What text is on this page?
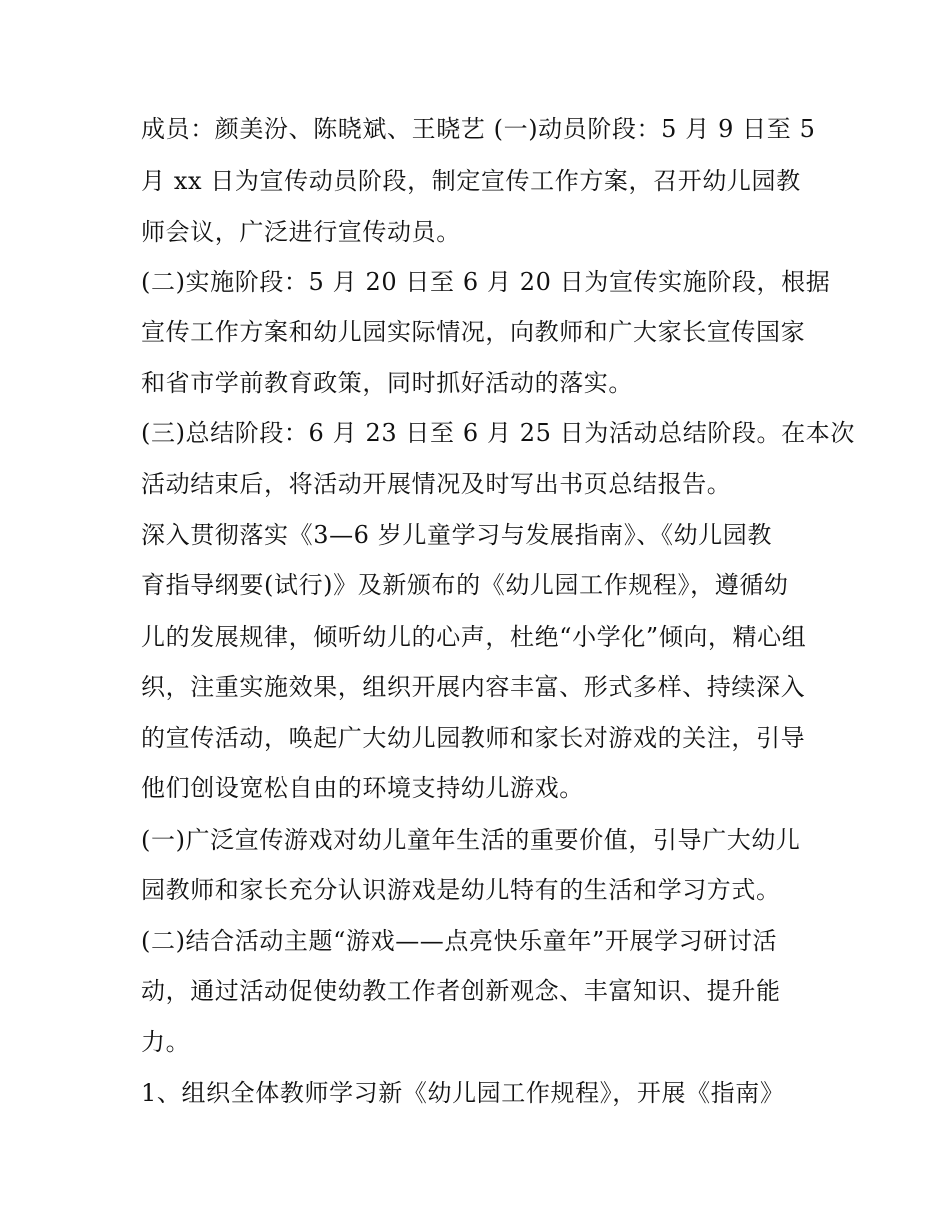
成员：颜美汾、陈晓斌、王晓艺 (一)动员阶段：5 月 9 日至 5
月 xx 日为宣传动员阶段，制定宣传工作方案，召开幼儿园教
师会议，广泛进行宣传动员。
(二)实施阶段：5 月 20 日至 6 月 20 日为宣传实施阶段，根据
宣传工作方案和幼儿园实际情况，向教师和广大家长宣传国家
和省市学前教育政策，同时抓好活动的落实。
(三)总结阶段：6 月 23 日至 6 月 25 日为活动总结阶段。在本次
活动结束后，将活动开展情况及时写出书页总结报告。
深入贯彻落实《3—6 岁儿童学习与发展指南》、《幼儿园教
育指导纲要(试行)》及新颁布的《幼儿园工作规程》，遵循幼
儿的发展规律，倾听幼儿的心声，杜绝“小学化”倾向，精心组
织，注重实施效果，组织开展内容丰富、形式多样、持续深入
的宣传活动，唤起广大幼儿园教师和家长对游戏的关注，引导
他们创设宽松自由的环境支持幼儿游戏。
(一)广泛宣传游戏对幼儿童年生活的重要价值，引导广大幼儿
园教师和家长充分认识游戏是幼儿特有的生活和学习方式。
(二)结合活动主题“游戏——点亮快乐童年”开展学习研讨活
动，通过活动促使幼教工作者创新观念、丰富知识、提升能
力。
1、组织全体教师学习新《幼儿园工作规程》，开展《指南》
